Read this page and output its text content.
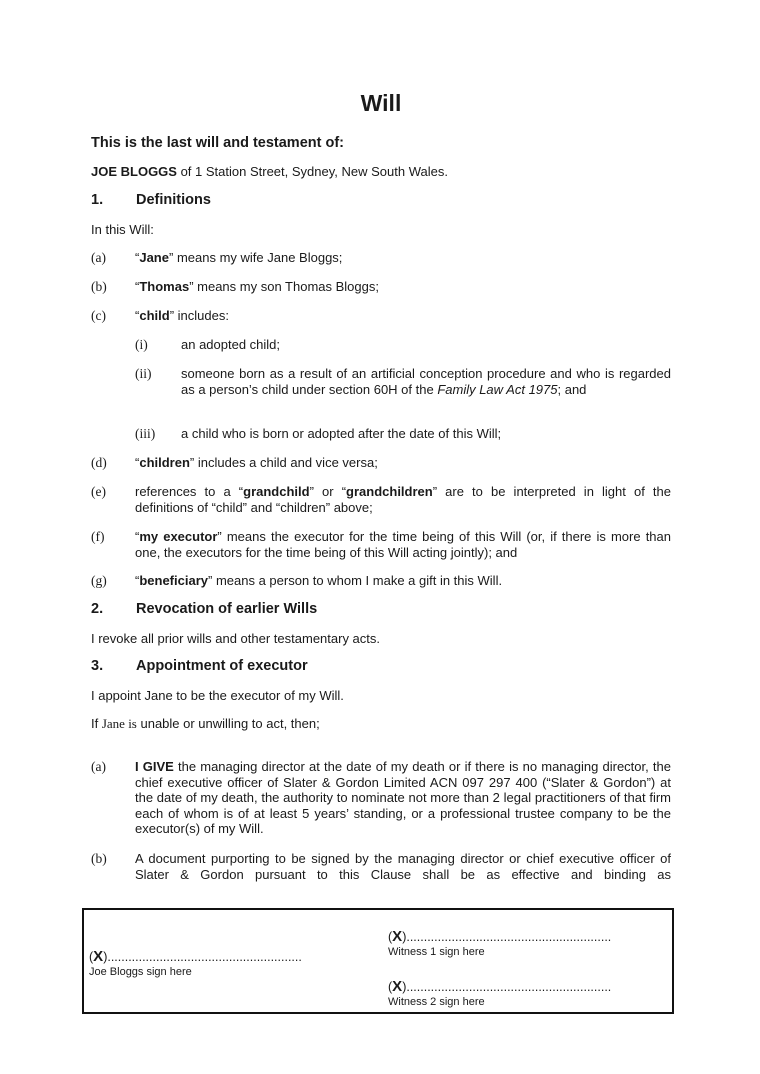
Will
This is the last will and testament of:
JOE BLOGGS of 1 Station Street, Sydney, New South Wales.
1. Definitions
In this Will:
(a) “Jane” means my wife Jane Bloggs;
(b) “Thomas” means my son Thomas Bloggs;
(c) “child” includes:
(i)	an adopted child;
(ii) someone born as a result of an artificial conception procedure and who is regarded as a person’s child under section 60H of the Family Law Act 1975; and
(iii) a child who is born or adopted after the date of this Will;
(d) “children” includes a child and vice versa;
(e) references to a “grandchild” or “grandchildren” are to be interpreted in light of the definitions of “child” and “children” above;
(f) “my executor” means the executor for the time being of this Will (or, if there is more than one, the executors for the time being of this Will acting jointly); and
(g) “beneficiary” means a person to whom I make a gift in this Will.
2. Revocation of earlier Wills
I revoke all prior wills and other testamentary acts.
3. Appointment of executor
I appoint Jane to be the executor of my Will.
If Jane is unable or unwilling to act, then;
(a) I GIVE the managing director at the date of my death or if there is no managing director, the chief executive officer of Slater & Gordon Limited ACN 097 297 400 (“Slater & Gordon”) at the date of my death, the authority to nominate not more than 2 legal practitioners of that firm each of whom is of at least 5 years’ standing, or a professional trustee company to be the executor(s) of my Will.
(b) A document purporting to be signed by the managing director or chief executive officer of Slater & Gordon pursuant to this Clause shall be as effective and binding as
(X)........................................................
Joe Bloggs sign here
(X)...........................................................
Witness 1 sign here
(X)...........................................................
Witness 2 sign here
